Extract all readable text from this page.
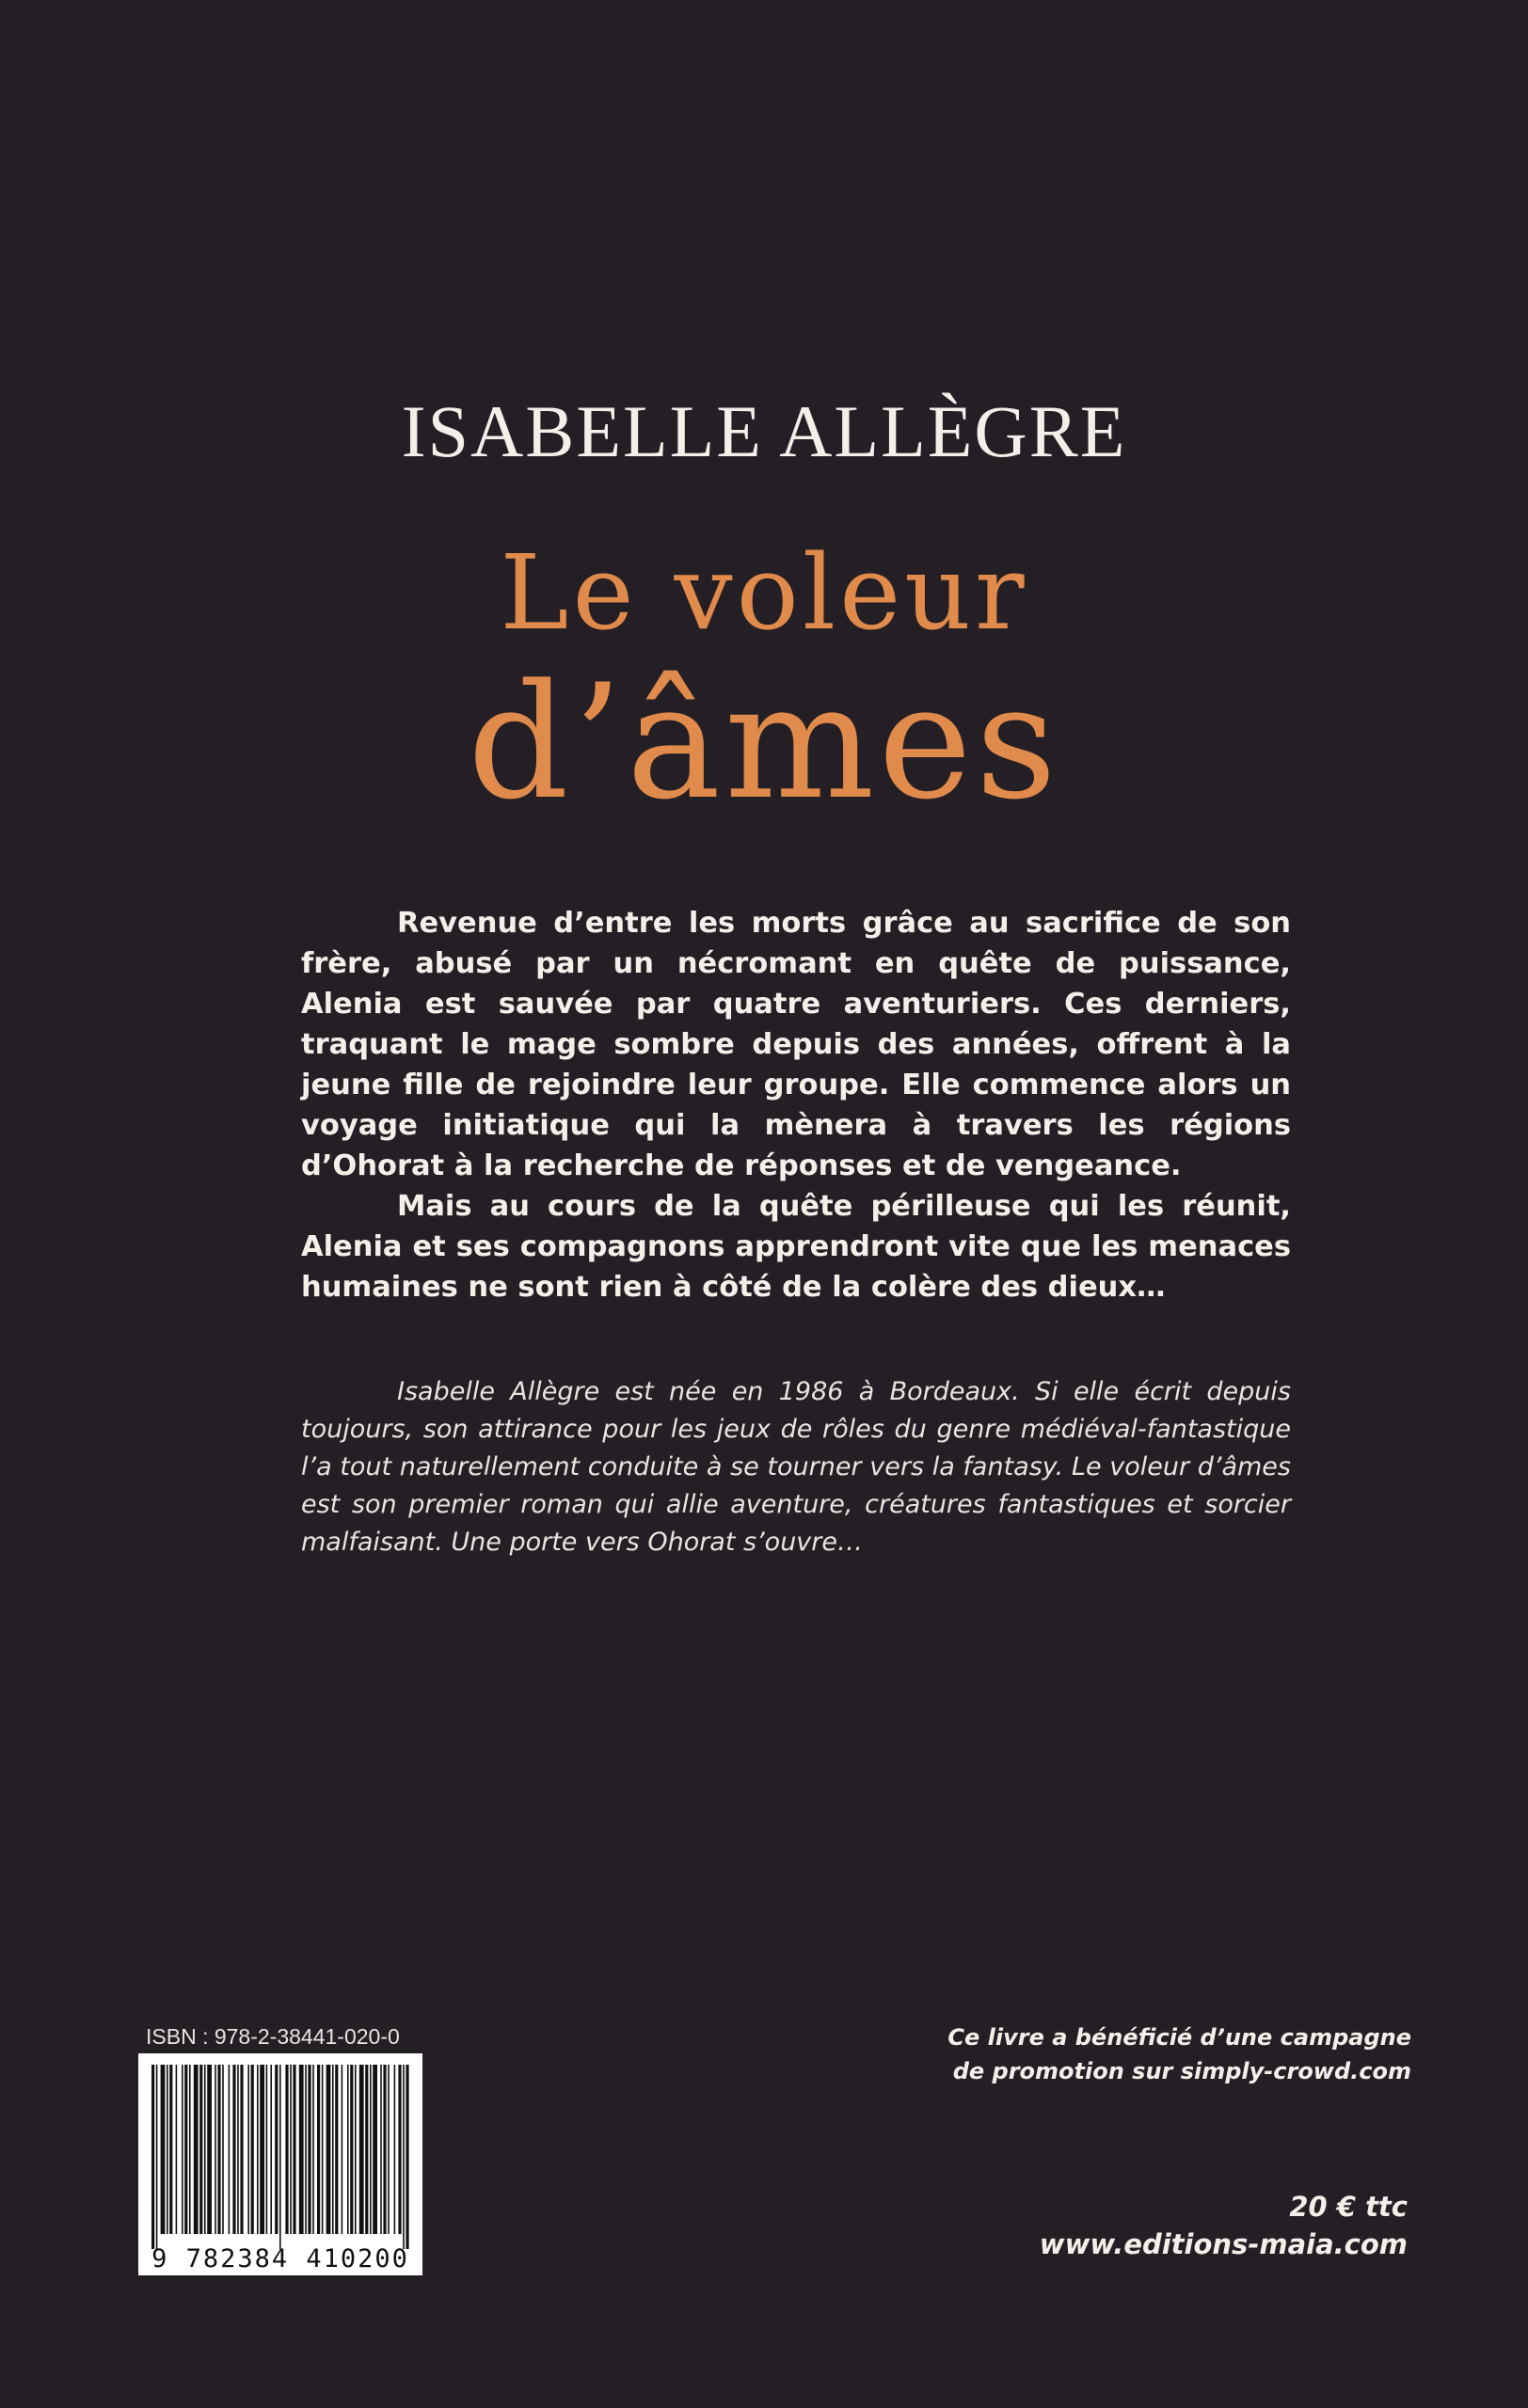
ISABELLE ALLÈGRE
Le voleur
d’âmes

Revenue d’entre les morts grâce au sacrifice de son frère, abusé par un nécromant en quête de puissance, Alenia est sauvée par quatre aventuriers. Ces derniers, traquant le mage sombre depuis des années, offrent à la jeune fille de rejoindre leur groupe. Elle commence alors un voyage initiatique qui la mènera à travers les régions d’Ohorat à la recherche de réponses et de vengeance.

Mais au cours de la quête périlleuse qui les réunit, Alenia et ses compagnons apprendront vite que les menaces humaines ne sont rien à côté de la colère des dieux…

Isabelle Allègre est née en 1986 à Bordeaux. Si elle écrit depuis toujours, son attirance pour les jeux de rôles du genre médiéval-fantastique l’a tout naturellement conduite à se tourner vers la fantasy. Le voleur d’âmes est son premier roman qui allie aventure, créatures fantastiques et sorcier malfaisant. Une porte vers Ohorat s’ouvre…

ISBN : 978-2-38441-020-0
9 782384 410200
Ce livre a bénéficié d’une campagne
de promotion sur simply-crowd.com
20 € ttc
www.editions-maia.com
